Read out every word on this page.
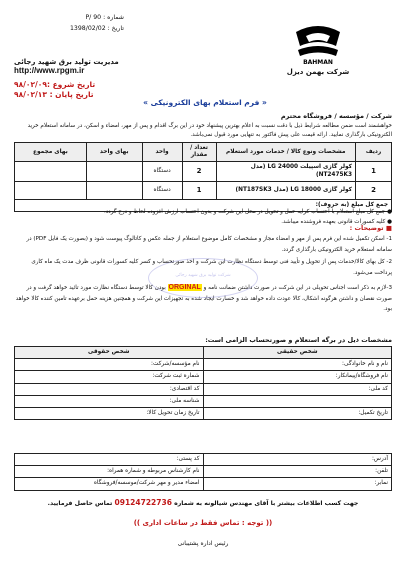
BAHMAN
شرکت بهمن دیزل
شماره : P/ 90
تاریخ : 1398/02/02
مدیریت تولید برق شهید رجائی
http://www.rpgm.ir
تاریخ شروع :۹۸/۰۲/۰۹
تاریخ پایان : ۹۸/۰۲/۱۳
« فرم استعلام بهای الکترونیکی »
شرکت / مؤسسه / فروشگاه محترم
خواهشمند است ضمن مطالعه شرایط ذیل با دقت نسبت به اعلام بهترین پیشنهاد خود در این برگ اقدام و پس از مهر، امضاء و اسکن، در سامانه استعلام خرید الکترونیکی بارگذاری نمایید. ارائه قیمت علی پیش فاکتور به تنهایی مورد قبول نمی‌باشد.
ردیف	مشخصات ونوع کالا / خدمات مورد استعلام	تعداد / مقدار	واحد	بهای واحد	بهای مجموع
1	کولر گازی اسپیلت 24000 LG (مدل NT2475K3)	2	دستگاه		
2	کولر گازی 18000 LG (مدل NT187SK3)	1	دستگاه		
جمع کل مبلغ (به حروف):					
● جمع کل مبلغ استعلام با احتساب کرایه حمل و تحویل در محل این شرکت و بدون احتساب ارزش افزوده لحاظ و درج گردد.
● کلیه کسورات قانونی بعهده فروشنده میباشد.
■ توضیحات :

1- اسکن تکمیل شده این فرم پس از مهر و امضاء مجاز و مشخصات کامل موضوع استعلام از جمله عکس و کاتالوگ پیوست شود و (بصورت یک فایل PDF) در سامانه استعلام خرید الکترونیکی بارگذاری گردد.

2- کل بهای کالا/خدمات پس از تحویل و تأیید فنی توسط دستگاه نظارت این شرکت و اخذ صورتحساب و کسر کلیه کسورات قانونی ظرف مدت یک ماه کاری پرداخت می‌شود.

3-لازم به ذکر است اجناس تحویلی در این شرکت در صورت داشتن ضمانت نامه و ORGINAL بودن کالا توسط دستگاه نظارت مورد تائید خواهد گرفت و در صورت نقصان و داشتن هرگونه اشکال، کالا عودت داده خواهد شد و خسارت ایجاد شده به تجهیزات این شرکت و همچنین هزینه حمل برعهده تامین کننده کالا خواهد بود.

شرکت تولید برق شهید رجائی
مشخصات ذیل در برگه استعلام و صورتحساب الزامی است:
شخص حقیقی	شخص حقوقی
نام و نام خانوادگی:	نام مؤسسه/شرکت:
نام فروشگاه/پیمانکار:	شماره ثبت شرکت:
کد ملی:	کد اقتصادی:
	شناسه ملی:
تاریخ تکمیل:	تاریخ زمان تحویل کالا:
آدرس:	کد پستی:
تلفن:	نام کارشناس مربوطه و شماره همراه:
نمابر:	امضاء مدیر و مهر شرکت/موسسه/فروشگاه
جهت کسب اطلاعات بیشتر با آقای مهندس شیالونه به شماره 09124722736 تماس حاصل فرمایید.
(( توجه : تماس فقط در ساعات اداری ))
رئیس اداره پشتیبانی
